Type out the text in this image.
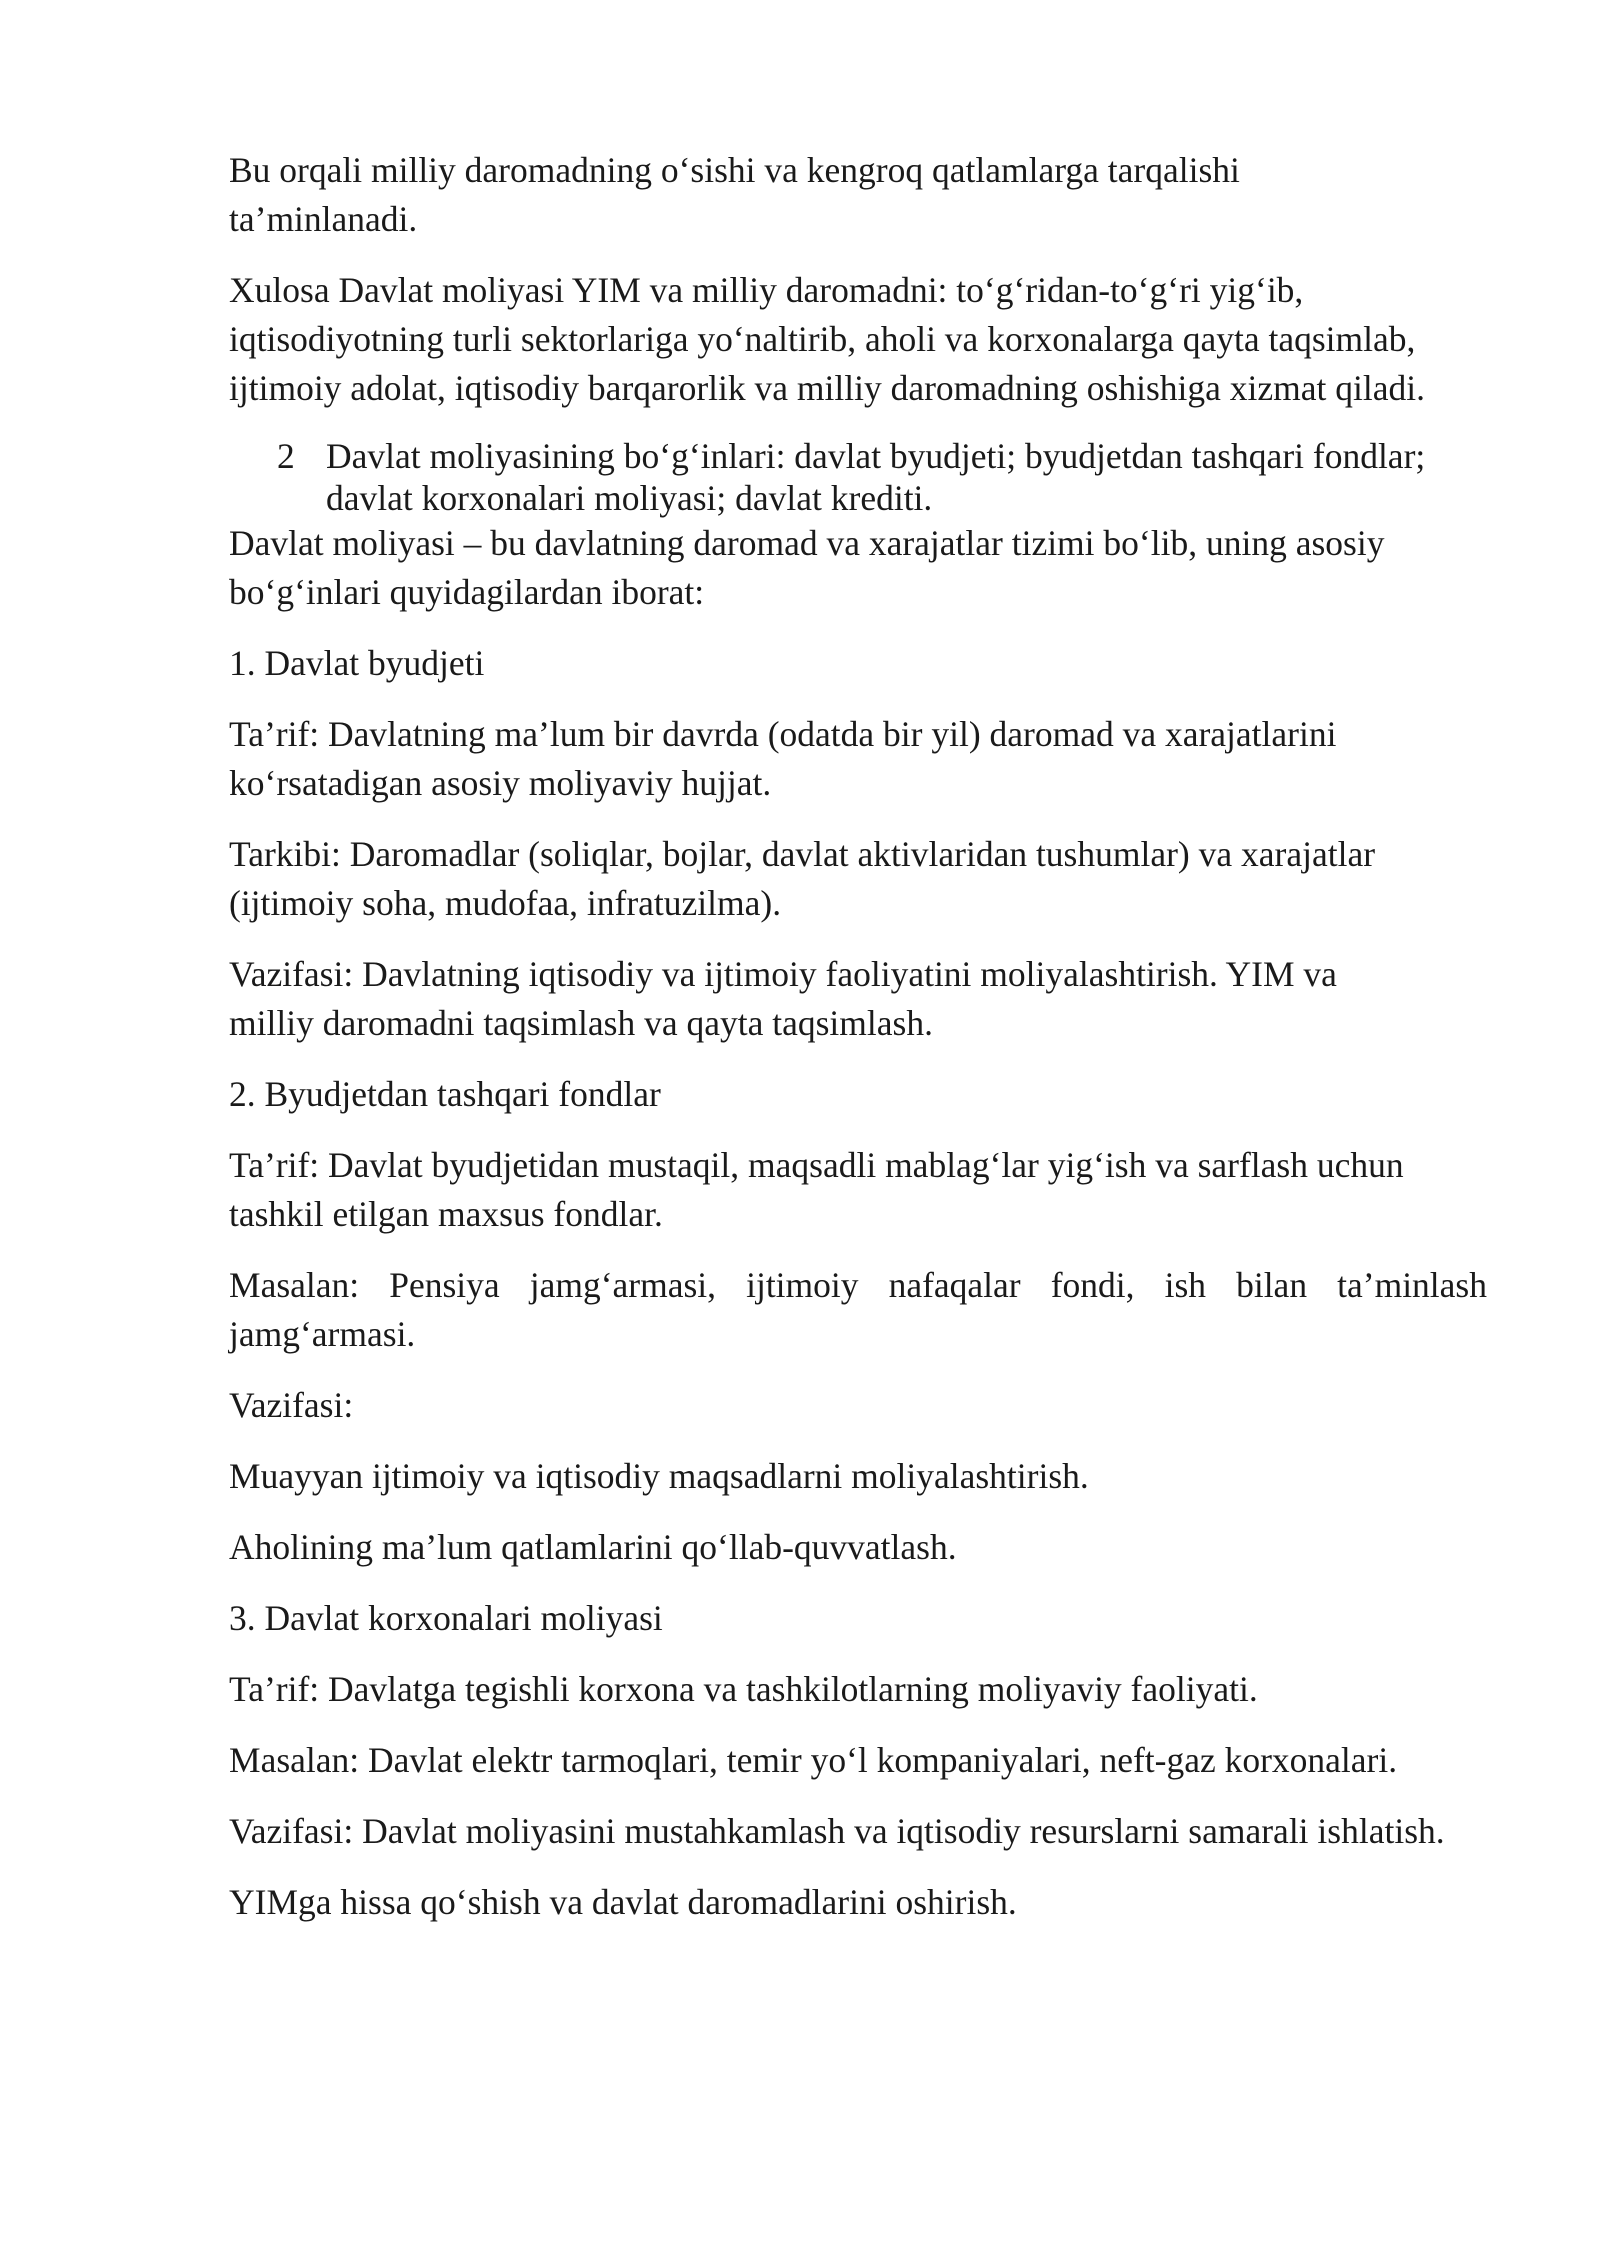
Bu orqali milliy daromadning o‘sishi va kengroq qatlamlarga tarqalishi ta’minlanadi.

Xulosa Davlat moliyasi YIM va milliy daromadni: to‘g‘ridan-to‘g‘ri yig‘ib, iqtisodiyotning turli sektorlariga yo‘naltirib, aholi va korxonalarga qayta taqsimlab, ijtimoiy adolat, iqtisodiy barqarorlik va milliy daromadning oshishiga xizmat qiladi.

2 Davlat moliyasining bo‘g‘inlari: davlat byudjeti; byudjetdan tashqari fondlar; davlat korxonalari moliyasi; davlat krediti.

Davlat moliyasi – bu davlatning daromad va xarajatlar tizimi bo‘lib, uning asosiy bo‘g‘inlari quyidagilardan iborat:

1. Davlat byudjeti

Ta’rif: Davlatning ma’lum bir davrda (odatda bir yil) daromad va xarajatlarini ko‘rsatadigan asosiy moliyaviy hujjat.

Tarkibi: Daromadlar (soliqlar, bojlar, davlat aktivlaridan tushumlar) va xarajatlar (ijtimoiy soha, mudofaa, infratuzilma).

Vazifasi: Davlatning iqtisodiy va ijtimoiy faoliyatini moliyalashtirish. YIM va milliy daromadni taqsimlash va qayta taqsimlash.

2. Byudjetdan tashqari fondlar

Ta’rif: Davlat byudjetidan mustaqil, maqsadli mablag‘lar yig‘ish va sarflash uchun tashkil etilgan maxsus fondlar.

Masalan: Pensiya jamg‘armasi, ijtimoiy nafaqalar fondi, ish bilan ta’minlash jamg‘armasi.

Vazifasi:

Muayyan ijtimoiy va iqtisodiy maqsadlarni moliyalashtirish.

Aholining ma’lum qatlamlarini qo‘llab-quvvatlash.

3. Davlat korxonalari moliyasi

Ta’rif: Davlatga tegishli korxona va tashkilotlarning moliyaviy faoliyati.

Masalan: Davlat elektr tarmoqlari, temir yo‘l kompaniyalari, neft-gaz korxonalari.

Vazifasi: Davlat moliyasini mustahkamlash va iqtisodiy resurslarni samarali ishlatish.

YIMga hissa qo‘shish va davlat daromadlarini oshirish.
